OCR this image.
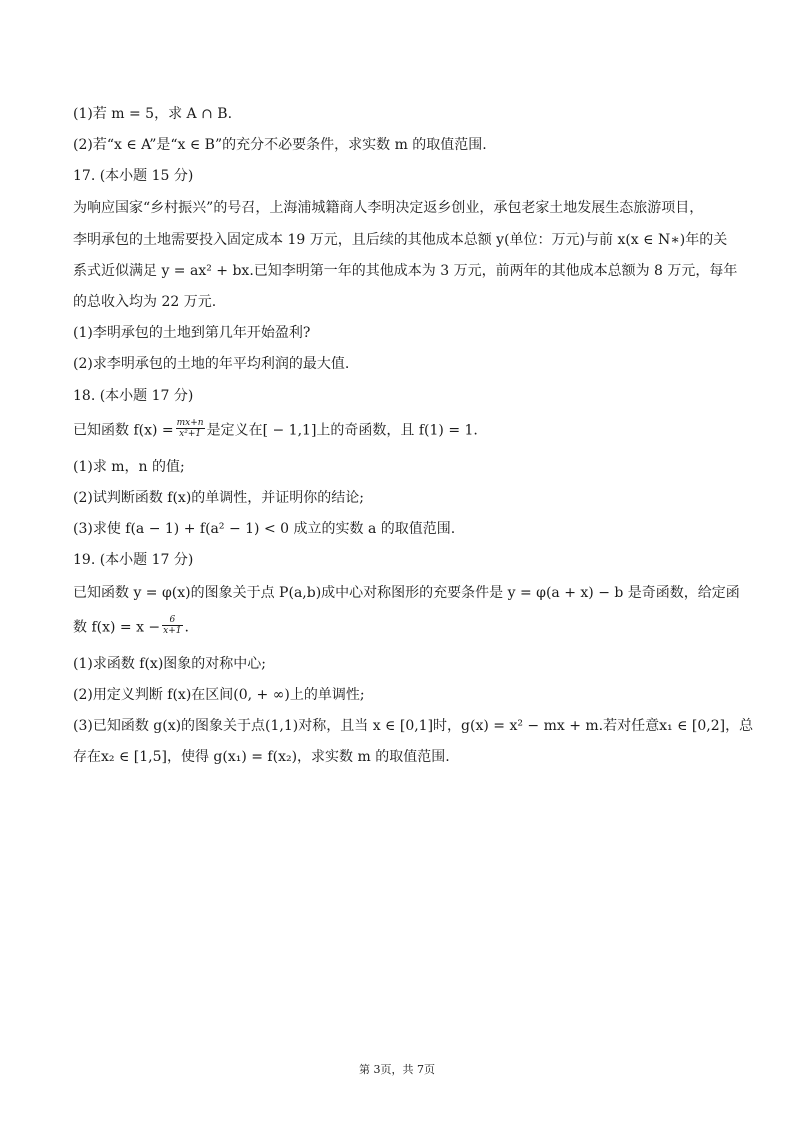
(1)若 m = 5，求 A ∩ B.
(2)若“x ∈ A”是“x ∈ B”的充分不必要条件，求实数 m 的取值范围.
17. (本小题 15 分)
为响应国家“乡村振兴”的号召，上海浦城籍商人李明决定返乡创业，承包老家土地发展生态旅游项目，
李明承包的土地需要投入固定成本 19 万元，且后续的其他成本总额 y(单位：万元)与前 x(x ∈ N∗)年的关
系式近似满足 y = ax² + bx.已知李明第一年的其他成本为 3 万元，前两年的其他成本总额为 8 万元，每年
的总收入均为 22 万元.
(1)李明承包的土地到第几年开始盈利?
(2)求李明承包的土地的年平均利润的最大值.
18. (本小题 17 分)
已知函数 $f(x) = \frac{mx+n}{\text{x²+1}}$ 是定义在[ − 1,1]上的奇函数，且 f(1) = 1.
(1)求 m，n 的值;
(2)试判断函数 f(x)的单调性，并证明你的结论;
(3)求使 f(a − 1) + f(a² − 1) < 0 成立的实数 a 的取值范围.
19. (本小题 17 分)
已知函数 y = φ(x)的图象关于点 P(a,b)成中心对称图形的充要条件是 y = φ(a + x) − b 是奇函数，给定函
数 $f(x) = x - \frac{6}{x+1}$ .
(1)求函数 f(x)图象的对称中心;
(2)用定义判断 f(x)在区间(0, + ∞)上的单调性;
(3)已知函数 g(x)的图象关于点(1,1)对称，且当 x ∈ [0,1]时，g(x) = x² − mx + m.若对任意x₁ ∈ [0,2]，总
存在x₂ ∈ [1,5]，使得 g(x₁) = f(x₂)，求实数 m 的取值范围.
第 3页，共 7页
